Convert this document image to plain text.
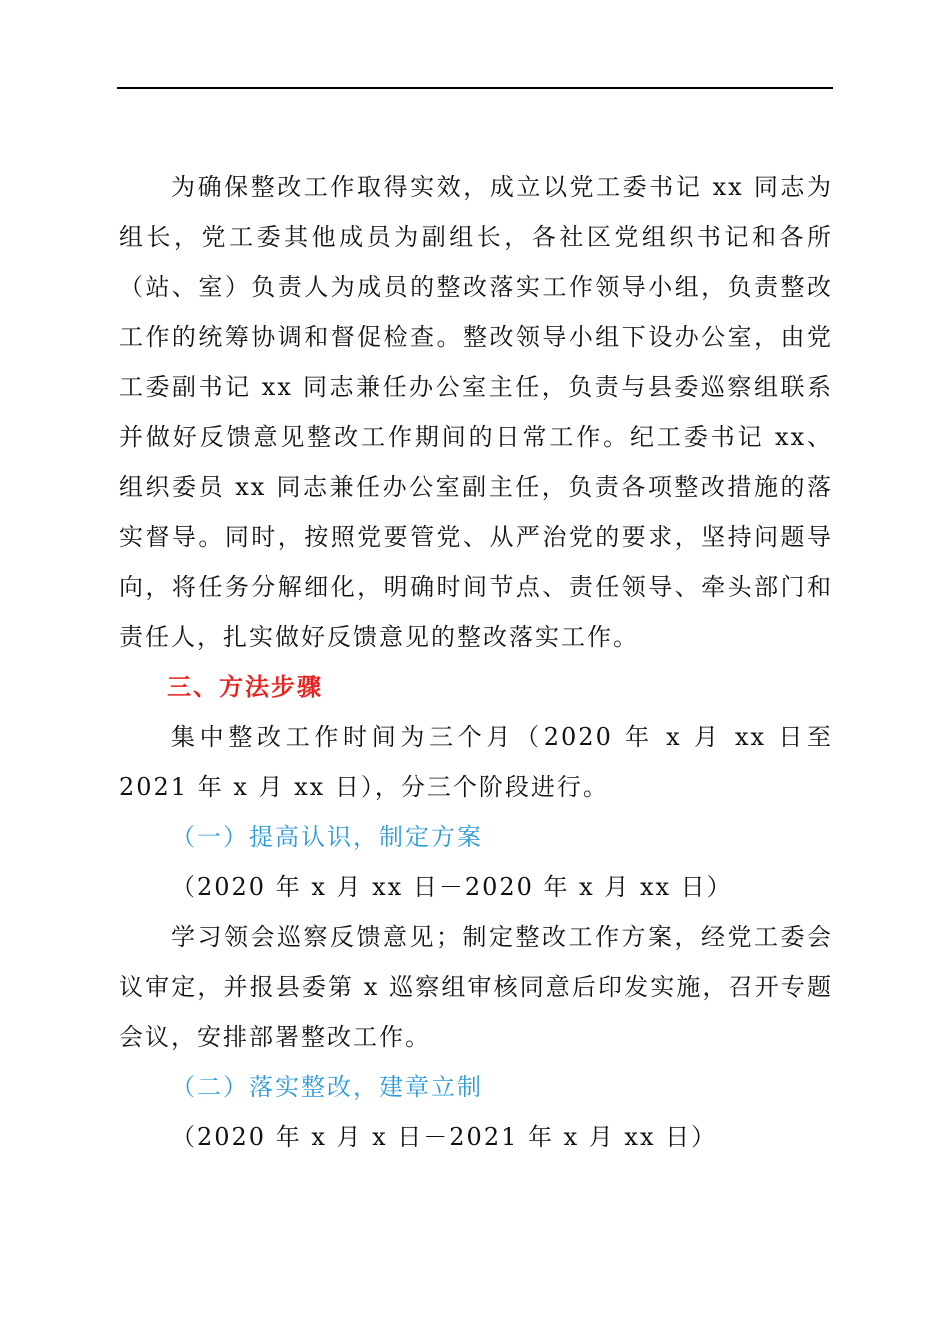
为确保整改工作取得实效，成立以党工委书记 xx 同志为组长，党工委其他成员为副组长，各社区党组织书记和各所（站、室）负责人为成员的整改落实工作领导小组，负责整改工作的统筹协调和督促检查。整改领导小组下设办公室，由党工委副书记 xx 同志兼任办公室主任，负责与县委巡察组联系并做好反馈意见整改工作期间的日常工作。纪工委书记 xx、组织委员 xx 同志兼任办公室副主任，负责各项整改措施的落实督导。同时，按照党要管党、从严治党的要求，坚持问题导向，将任务分解细化，明确时间节点、责任领导、牵头部门和责任人，扎实做好反馈意见的整改落实工作。

三、方法步骤

集中整改工作时间为三个月（2020 年 x 月 xx 日至 2021 年 x 月 xx 日），分三个阶段进行。

（一）提高认识，制定方案

（2020 年 x 月 xx 日－2020 年 x 月 xx 日）

学习领会巡察反馈意见；制定整改工作方案，经党工委会议审定，并报县委第 x 巡察组审核同意后印发实施，召开专题会议，安排部署整改工作。

（二）落实整改，建章立制

（2020 年 x 月 x 日－2021 年 x 月 xx 日）
